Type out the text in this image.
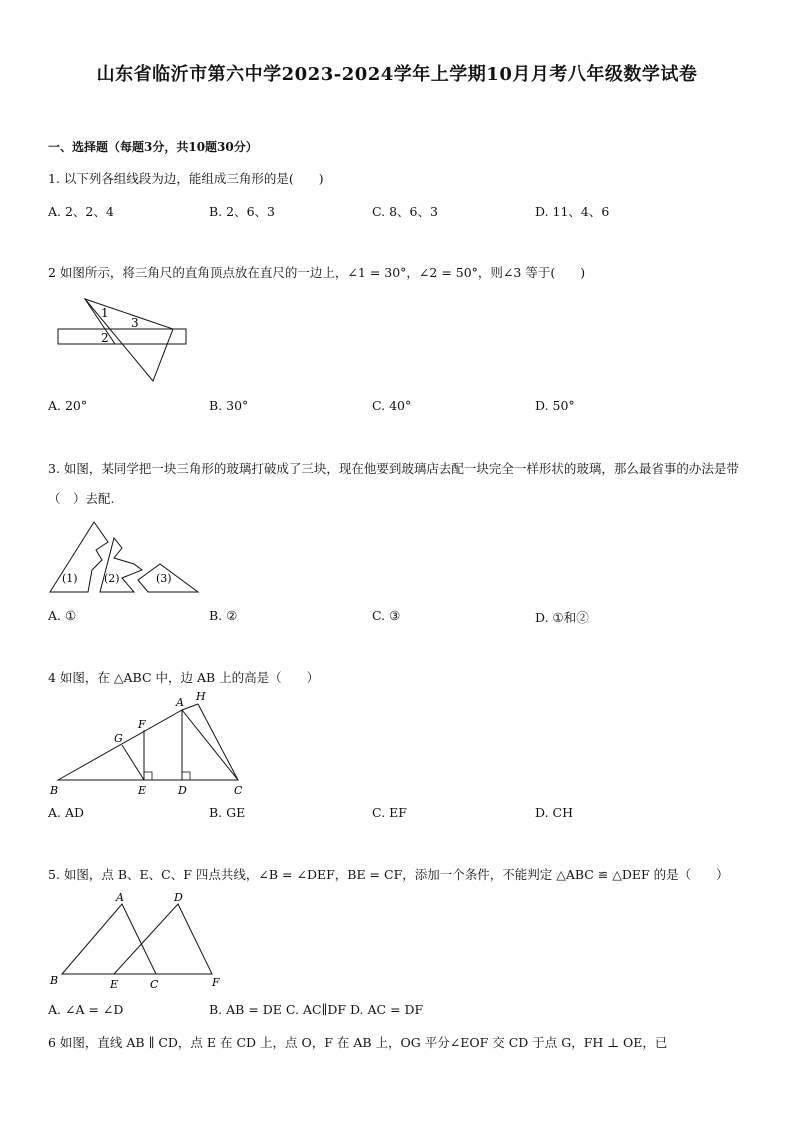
山东省临沂市第六中学2023-2024学年上学期10月月考八年级数学试卷
一、选择题（每题3分，共10题30分）
1. 以下列各组线段为边，能组成三角形的是(　　)
A. 2、2、4	B. 2、6、3	C. 8、6、3	D. 11、4、6
2 如图所示，将三角尺的直角顶点放在直尺的一边上，∠1 = 30°，∠2 = 50°，则∠3 等于(　　)
1
3
2
A. 20°	B. 30°	C. 40°	D. 50°
3. 如图，某同学把一块三角形的玻璃打破成了三块，现在他要到玻璃店去配一块完全一样形状的玻璃，那么最省事的办法是带（　）去配.
(1) (2)	(3)
A. ①	B. ②	C. ③	D. ①和②
4 如图，在 △ABC 中，边 AB 上的高是（　　）
A H
G
F
B	E	D	C
A. AD	B. GE	C. EF	D. CH
5. 如图，点 B、E、C、F 四点共线，∠B = ∠DEF，BE = CF，添加一个条件，不能判定 △ABC ≌ △DEF 的是（　　）
A	D
B	E	C	F
A. ∠A = ∠D	B. AB = DE C. AC∥DF D. AC = DF
6 如图，直线 AB ∥ CD，点 E 在 CD 上，点 O，F 在 AB 上，OG 平分∠EOF 交 CD 于点 G，FH ⊥ OE，已
